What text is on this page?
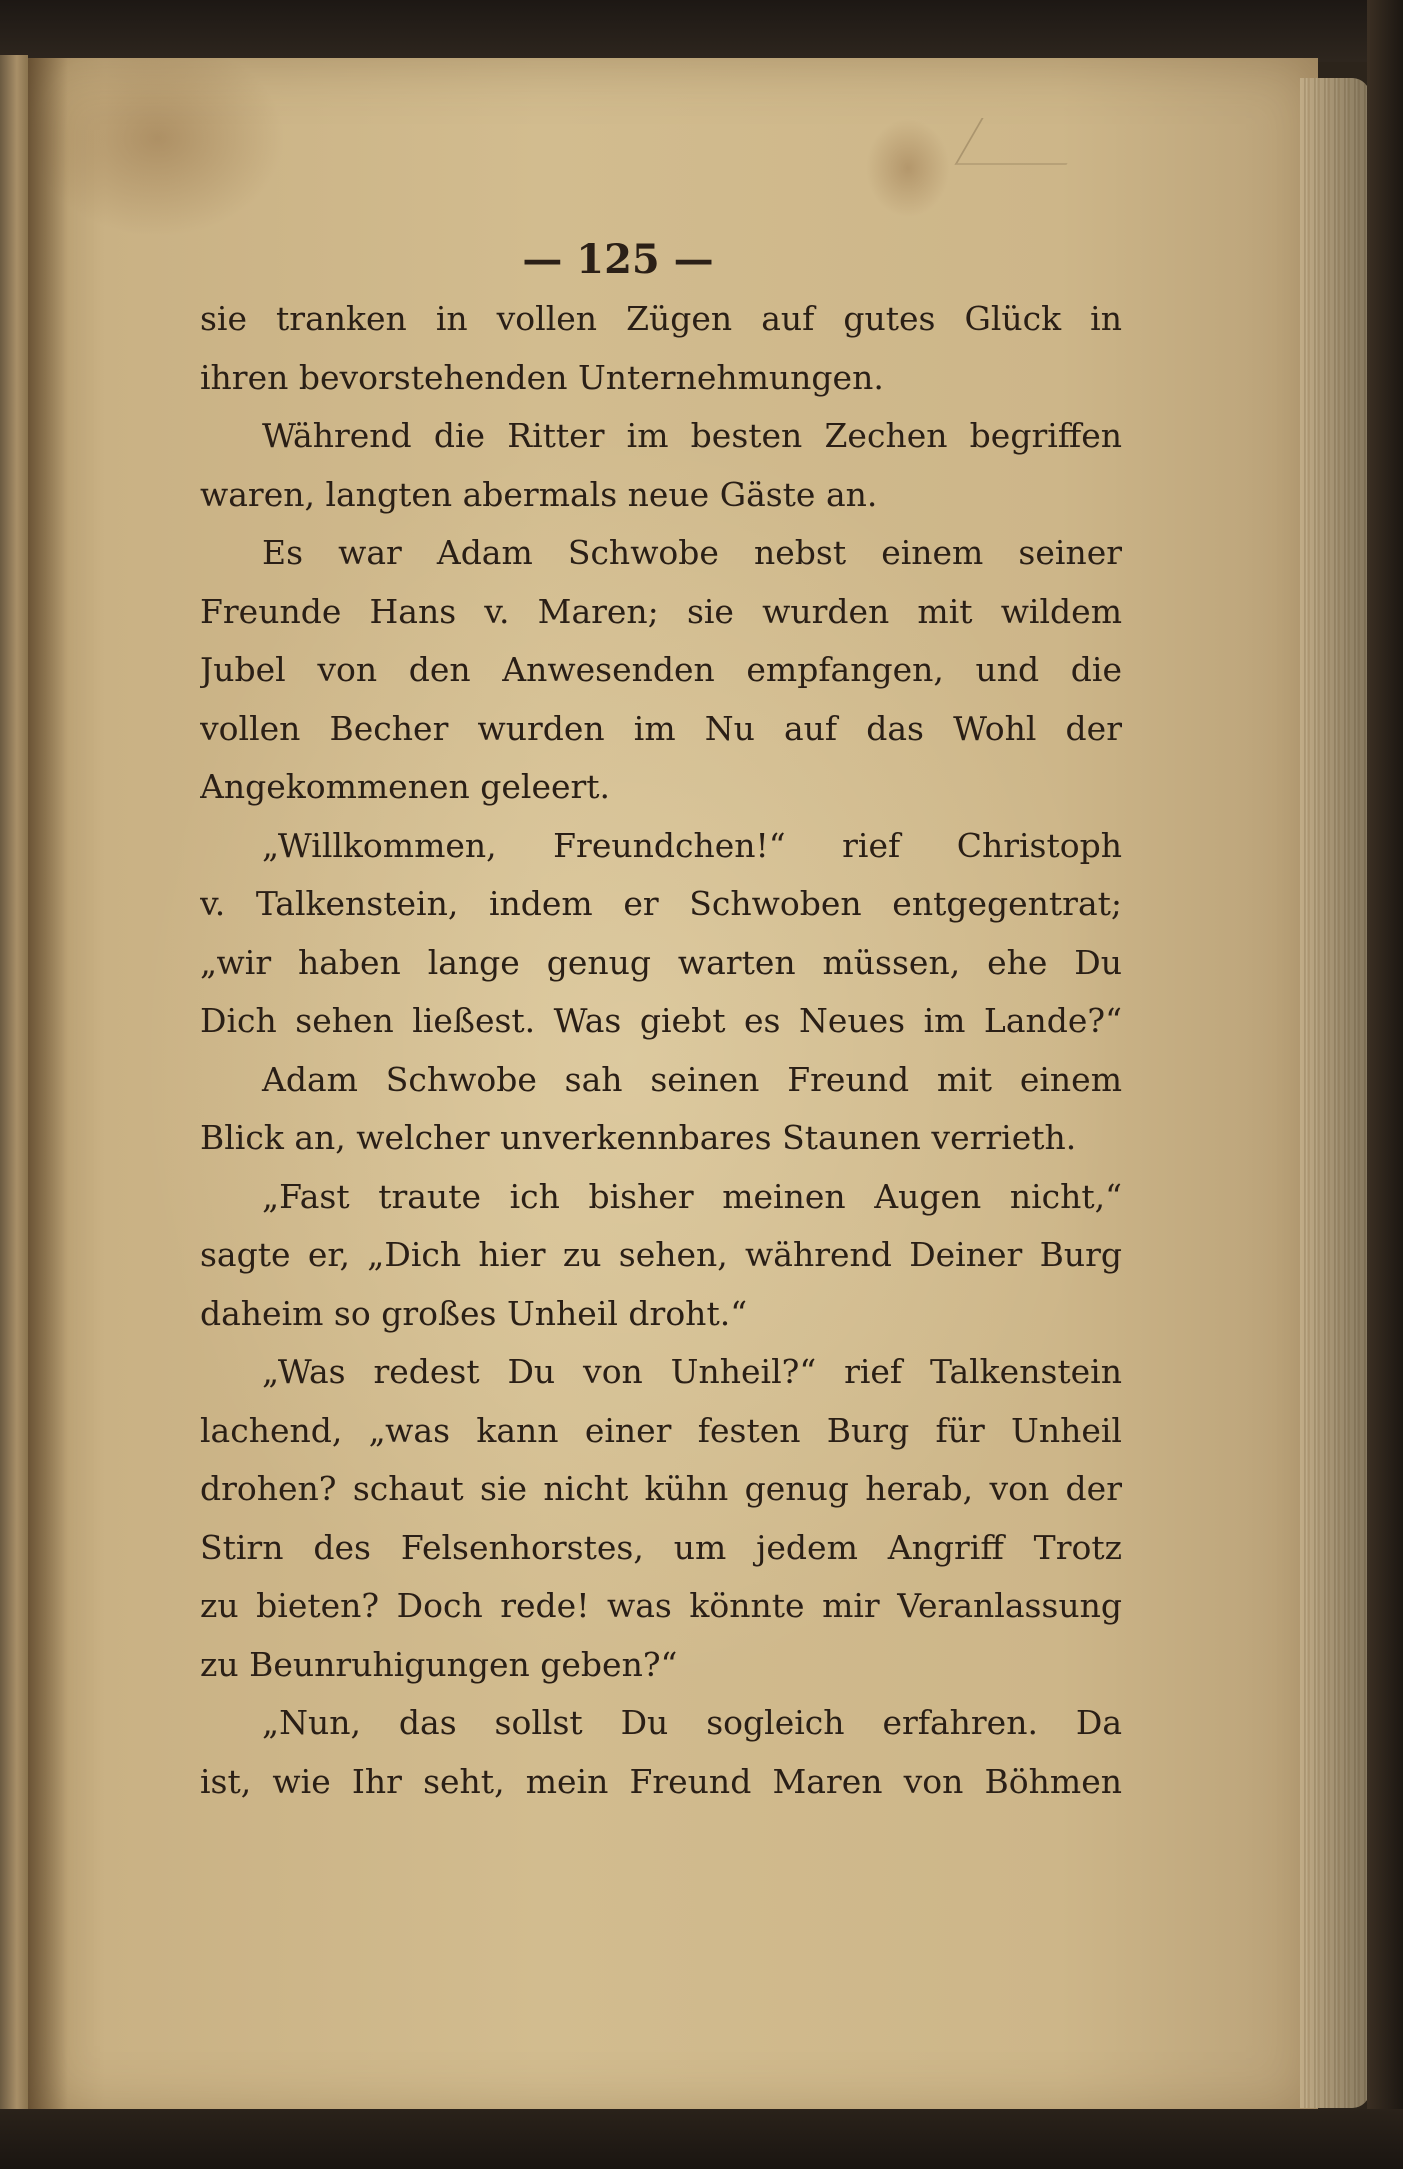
— 125 —
sie tranken in vollen Zügen auf gutes Glück in
ihren bevorstehenden Unternehmungen.
Während die Ritter im besten Zechen begriffen
waren, langten abermals neue Gäste an.
Es war Adam Schwobe nebst einem seiner
Freunde Hans v. Maren; sie wurden mit wildem
Jubel von den Anwesenden empfangen, und die
vollen Becher wurden im Nu auf das Wohl der
Angekommenen geleert.
„Willkommen, Freundchen!“ rief Christoph
v. Talkenstein, indem er Schwoben entgegentrat;
„wir haben lange genug warten müssen, ehe Du
Dich sehen ließest. Was giebt es Neues im Lande?“
Adam Schwobe sah seinen Freund mit einem
Blick an, welcher unverkennbares Staunen verrieth.
„Fast traute ich bisher meinen Augen nicht,“
sagte er, „Dich hier zu sehen, während Deiner Burg
daheim so großes Unheil droht.“
„Was redest Du von Unheil?“ rief Talkenstein
lachend, „was kann einer festen Burg für Unheil
drohen? schaut sie nicht kühn genug herab, von der
Stirn des Felsenhorstes, um jedem Angriff Trotz
zu bieten? Doch rede! was könnte mir Veranlassung
zu Beunruhigungen geben?“
„Nun, das sollst Du sogleich erfahren. Da
ist, wie Ihr seht, mein Freund Maren von Böhmen
